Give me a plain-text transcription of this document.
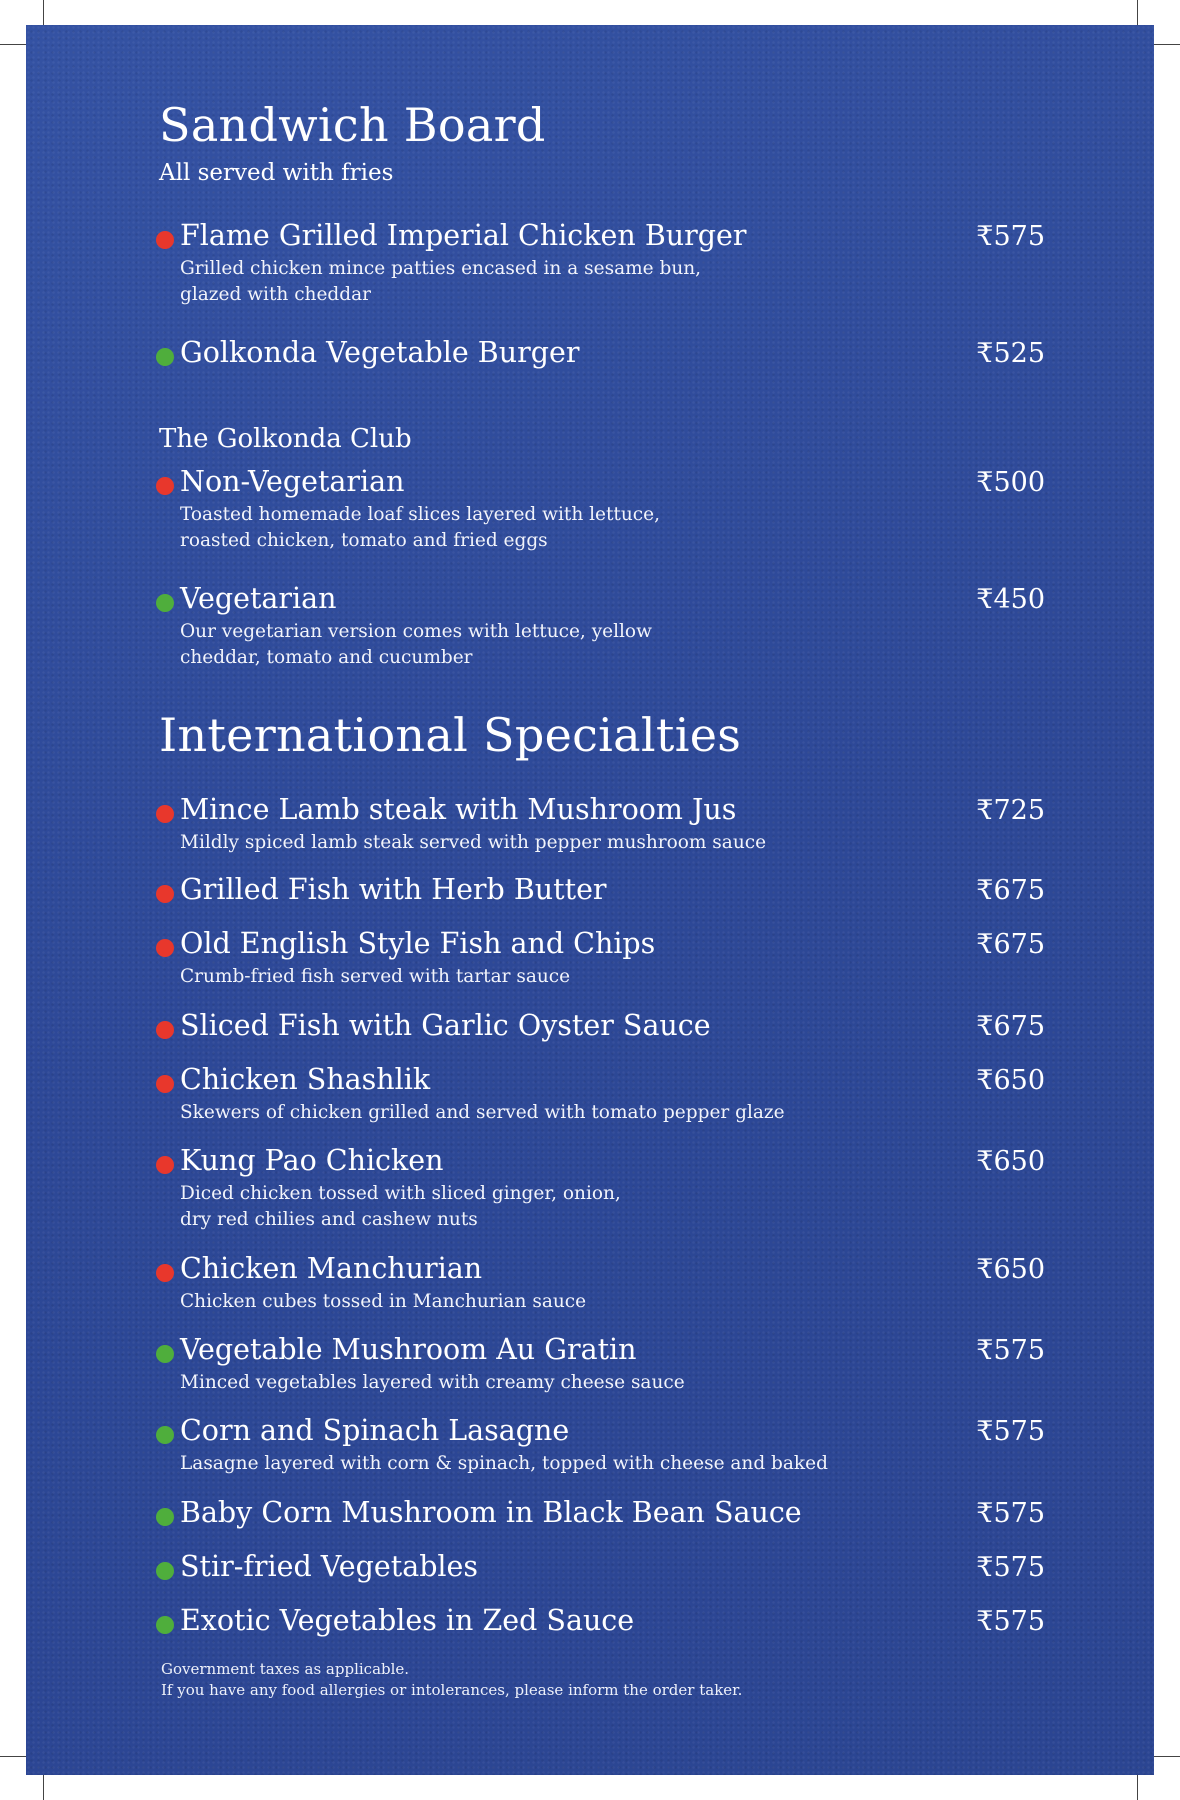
Sandwich Board
All served with fries
Flame Grilled Imperial Chicken Burger	₹575
Grilled chicken mince patties encased in a sesame bun,
glazed with cheddar
Golkonda Vegetable Burger	₹525
The Golkonda Club
Non-Vegetarian	₹500
Toasted homemade loaf slices layered with lettuce,
roasted chicken, tomato and fried eggs
Vegetarian	₹450
Our vegetarian version comes with lettuce, yellow
cheddar, tomato and cucumber
International Specialties
Mince Lamb steak with Mushroom Jus	₹725
Mildly spiced lamb steak served with pepper mushroom sauce
Grilled Fish with Herb Butter	₹675
Old English Style Fish and Chips	₹675
Crumb-fried fish served with tartar sauce
Sliced Fish with Garlic Oyster Sauce	₹675
Chicken Shashlik	₹650
Skewers of chicken grilled and served with tomato pepper glaze
Kung Pao Chicken	₹650
Diced chicken tossed with sliced ginger, onion,
dry red chilies and cashew nuts
Chicken Manchurian	₹650
Chicken cubes tossed in Manchurian sauce
Vegetable Mushroom Au Gratin	₹575
Minced vegetables layered with creamy cheese sauce
Corn and Spinach Lasagne	₹575
Lasagne layered with corn & spinach, topped with cheese and baked
Baby Corn Mushroom in Black Bean Sauce	₹575
Stir-fried Vegetables	₹575
Exotic Vegetables in Zed Sauce	₹575
Government taxes as applicable.
If you have any food allergies or intolerances, please inform the order taker.
